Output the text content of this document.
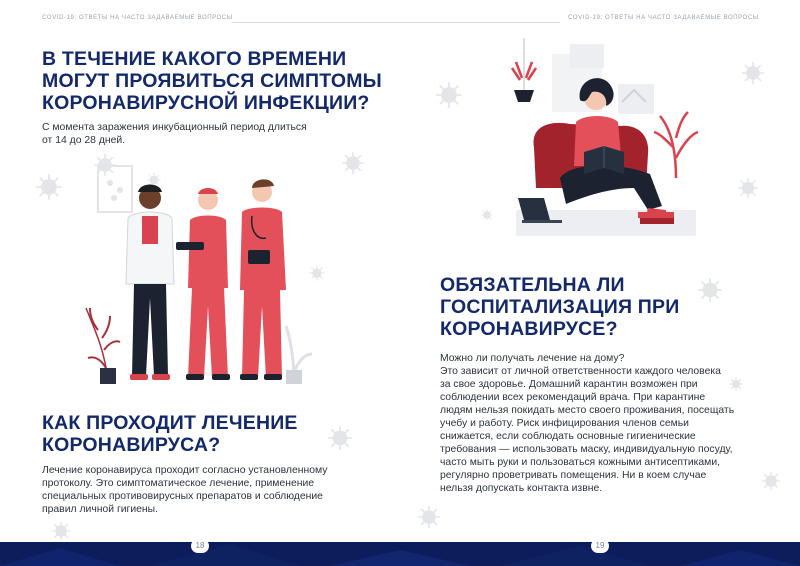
COVID-19: ОТВЕТЫ НА ЧАСТО ЗАДАВАЕМЫЕ ВОПРОСЫ
В ТЕЧЕНИЕ КАКОГО ВРЕМЕНИ
МОГУТ ПРОЯВИТЬСЯ СИМПТОМЫ
КОРОНАВИРУСНОЙ ИНФЕКЦИИ?
С момента заражения инкубационный период длиться
от 14 до 28 дней.
КАК ПРОХОДИТ ЛЕЧЕНИЕ
КОРОНАВИРУСА?
Лечение коронавируса проходит согласно установленному
протоколу. Это симптоматическое лечение, применение
специальных противовирусных препаратов и соблюдение
правил личной гигиены.
COVID-19: ОТВЕТЫ НА ЧАСТО ЗАДАВАЕМЫЕ ВОПРОСЫ
ОБЯЗАТЕЛЬНА ЛИ
ГОСПИТАЛИЗАЦИЯ ПРИ
КОРОНАВИРУСЕ?
Можно ли получать лечение на дому?
Это зависит от личной ответственности каждого человека
за свое здоровье. Домашний карантин возможен при
соблюдении всех рекомендаций врача. При карантине
людям нельзя покидать место своего проживания, посещать
учебу и работу. Риск инфицирования членов семьи
снижается, если соблюдать основные гигиенические
требования — использовать маску, индивидуальную посуду,
часто мыть руки и пользоваться кожными антисептиками,
регулярно проветривать помещения. Ни в коем случае
нельзя допускать контакта извне.
18	19
